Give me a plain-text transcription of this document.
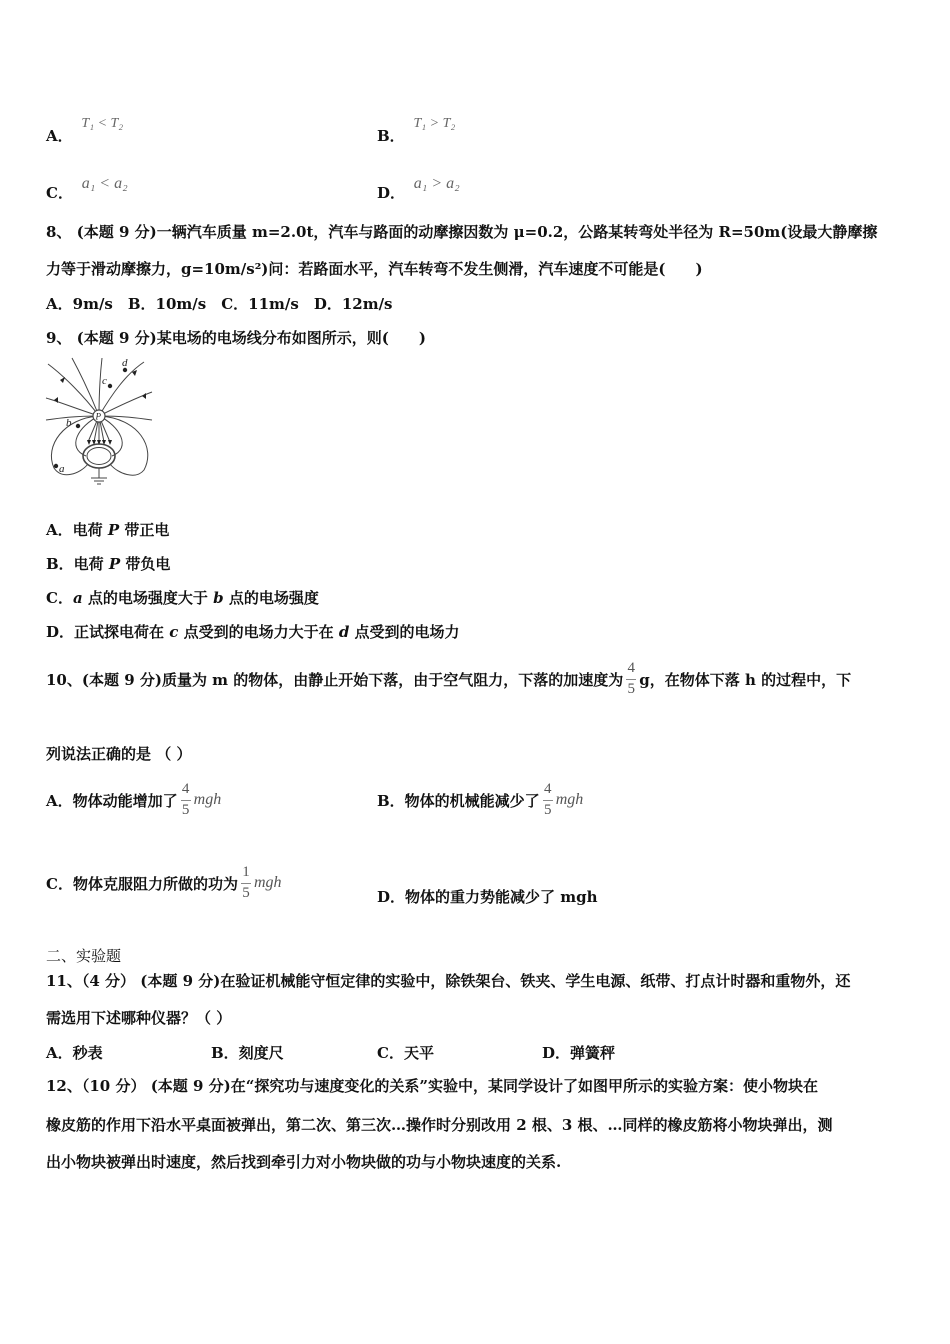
A． T₁ < T₂
B． T₁ > T₂
C． a₁ < a₂
D． a₁ > a₂
8、 (本题 9 分)一辆汽车质量 m=2.0t，汽车与路面的动摩擦因数为 μ=0.2，公路某转弯处半径为 R=50m(设最大静摩擦
力等于滑动摩擦力，g=10m/s²)问：若路面水平，汽车转弯不发生侧滑，汽车速度不可能是(　　)
A．9m/s　B．10m/s　C．11m/s　D．12m/s
9、 (本题 9 分)某电场的电场线分布如图所示，则(　　)
d
c
P
b
a
A．电荷 P 带正电
B．电荷 P 带负电
C．a 点的电场强度大于 b 点的电场强度
D．正试探电荷在 c 点受到的电场力大于在 d 点受到的电场力
10、(本题 9 分)质量为 m 的物体，由静止开始下落，由于空气阻力，下落的加速度为 $\frac{4}{5}$ g，在物体下落 h 的过程中，下
列说法正确的是 （ ）
A．物体动能增加了 $\frac{4}{5}$ mgh	B．物体的机械能减少了 $\frac{4}{5}$ mgh
C．物体克服阻力所做的功为 $\frac{1}{5}$ mgh
D．物体的重力势能减少了 mgh
二、实验题
11、（4 分） (本题 9 分)在验证机械能守恒定律的实验中，除铁架台、铁夹、学生电源、纸带、打点计时器和重物外，还
需选用下述哪种仪器？（ ）
A．秒表	B．刻度尺	C．天平	D．弹簧秤
12、（10 分） (本题 9 分)在“探究功与速度变化的关系”实验中，某同学设计了如图甲所示的实验方案：使小物块在
橡皮筋的作用下沿水平桌面被弹出，第二次、第三次…操作时分别改用 2 根、3 根、…同样的橡皮筋将小物块弹出，测
出小物块被弹出时速度，然后找到牵引力对小物块做的功与小物块速度的关系.
